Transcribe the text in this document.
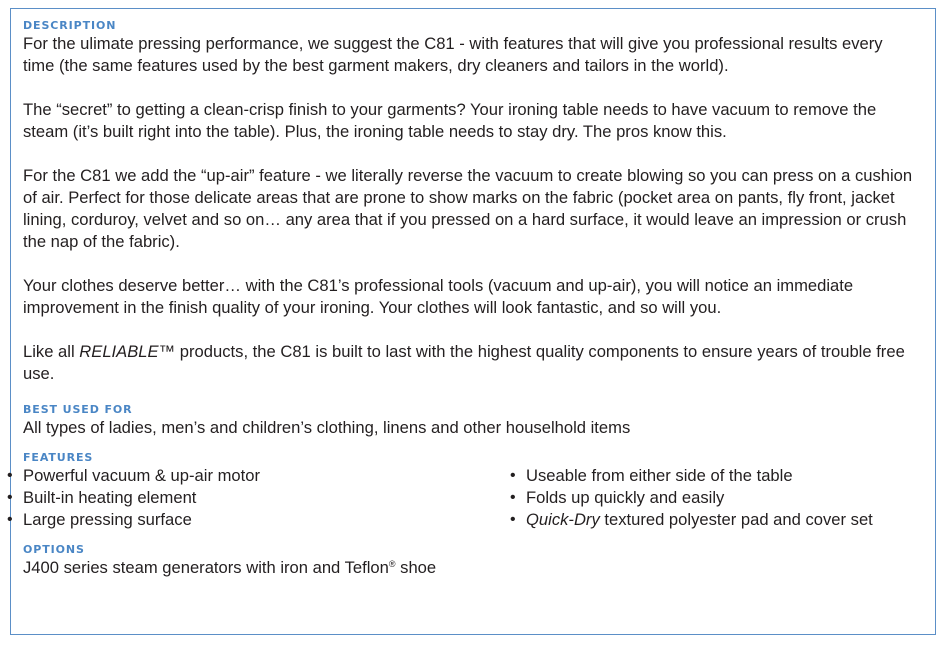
DESCRIPTION

For the ulimate pressing performance, we suggest the C81 - with features that will give you professional results every time (the same features used by the best garment makers, dry cleaners and tailors in the world).

The “secret” to getting a clean-crisp finish to your garments? Your ironing table needs to have vacuum to remove the steam (it’s built right into the table). Plus, the ironing table needs to stay dry. The pros know this.

For the C81 we add the “up-air” feature - we literally reverse the vacuum to create blowing so you can press on a cushion of air. Perfect for those delicate areas that are prone to show marks on the fabric (pocket area on pants, fly front, jacket lining, corduroy, velvet and so on… any area that if you pressed on a hard surface, it would leave an impression or crush the nap of the fabric).

Your clothes deserve better… with the C81’s professional tools (vacuum and up-air), you will notice an immediate improvement in the finish quality of your ironing. Your clothes will look fantastic, and so will you.

Like all RELIABLE™ products, the C81 is built to last with the highest quality components to ensure years of trouble free use.

BEST USED FOR

All types of ladies, men’s and children’s clothing, linens and other houselhold items

FEATURES
• Powerful vacuum & up-air motor
• Built-in heating element
• Large pressing surface
• Useable from either side of the table
• Folds up quickly and easily
• Quick-Dry textured polyester pad and cover set
OPTIONS

J400 series steam generators with iron and Teflon® shoe
